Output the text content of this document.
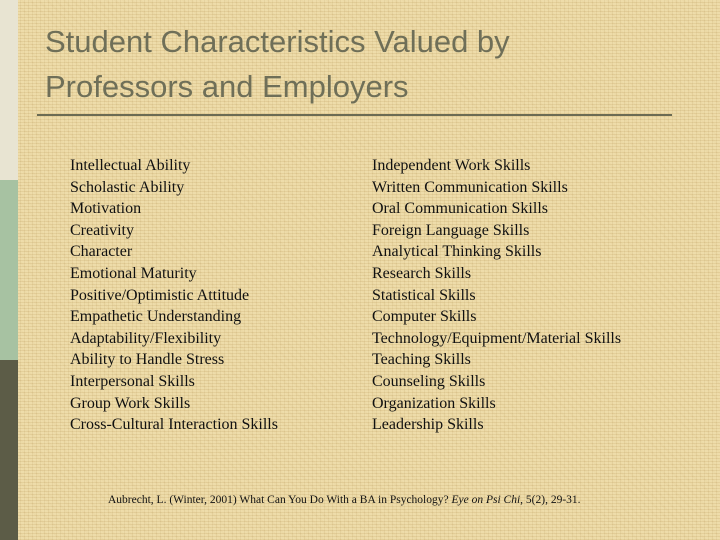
Student Characteristics Valued by
Professors and Employers
Intellectual Ability
Scholastic Ability
Motivation
Creativity
Character
Emotional Maturity
Positive/Optimistic Attitude
Empathetic Understanding
Adaptability/Flexibility
Ability to Handle Stress
Interpersonal Skills
Group Work Skills
Cross-Cultural Interaction Skills
Independent Work Skills
Written Communication Skills
Oral Communication Skills
Foreign Language Skills
Analytical Thinking Skills
Research Skills
Statistical Skills
Computer Skills
Technology/Equipment/Material Skills
Teaching Skills
Counseling Skills
Organization Skills
Leadership Skills
Aubrecht, L. (Winter, 2001) What Can You Do With a BA in Psychology? Eye on Psi Chi, 5(2), 29-31.
